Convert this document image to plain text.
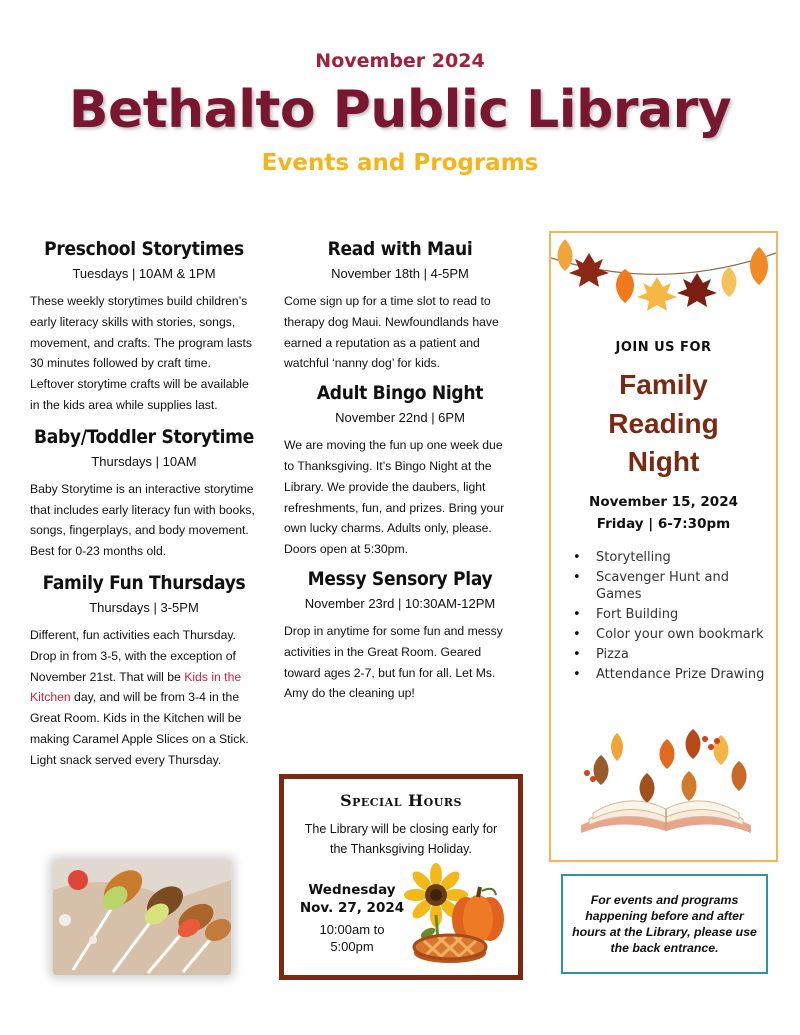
November 2024
Bethalto Public Library
Events and Programs
Preschool Storytimes
Tuesdays | 10AM & 1PM

These weekly storytimes build children’s early literacy skills with stories, songs, movement, and crafts. The program lasts 30 minutes followed by craft time. Leftover storytime crafts will be available in the kids area while supplies last.

Baby/Toddler Storytime
Thursdays | 10AM

Baby Storytime is an interactive storytime that includes early literacy fun with books, songs, fingerplays, and body movement. Best for 0-23 months old.

Family Fun Thursdays
Thursdays | 3-5PM

Different, fun activities each Thursday. Drop in from 3-5, with the exception of November 21st. That will be Kids in the Kitchen day, and will be from 3-4 in the Great Room. Kids in the Kitchen will be making Caramel Apple Slices on a Stick. Light snack served every Thursday.

Read with Maui
November 18th | 4-5PM

Come sign up for a time slot to read to therapy dog Maui. Newfoundlands have earned a reputation as a patient and watchful ‘nanny dog’ for kids.

Adult Bingo Night
November 22nd | 6PM

We are moving the fun up one week due to Thanksgiving. It’s Bingo Night at the Library. We provide the daubers, light refreshments, fun, and prizes. Bring your own lucky charms. Adults only, please. Doors open at 5:30pm.

Messy Sensory Play
November 23rd | 10:30AM-12PM

Drop in anytime for some fun and messy activities in the Great Room. Geared toward ages 2-7, but fun for all. Let Ms. Amy do the cleaning up!

Special Hours
The Library will be closing early for the Thanksgiving Holiday.
Wednesday
Nov. 27, 2024
10:00am to
5:00pm
JOIN US FOR
Family
Reading
Night
November 15, 2024
Friday | 6-7:30pm
• Storytelling
• Scavenger Hunt and Games
• Fort Building
• Color your own bookmark
• Pizza
• Attendance Prize Drawing
For events and programs happening before and after hours at the Library, please use the back entrance.
